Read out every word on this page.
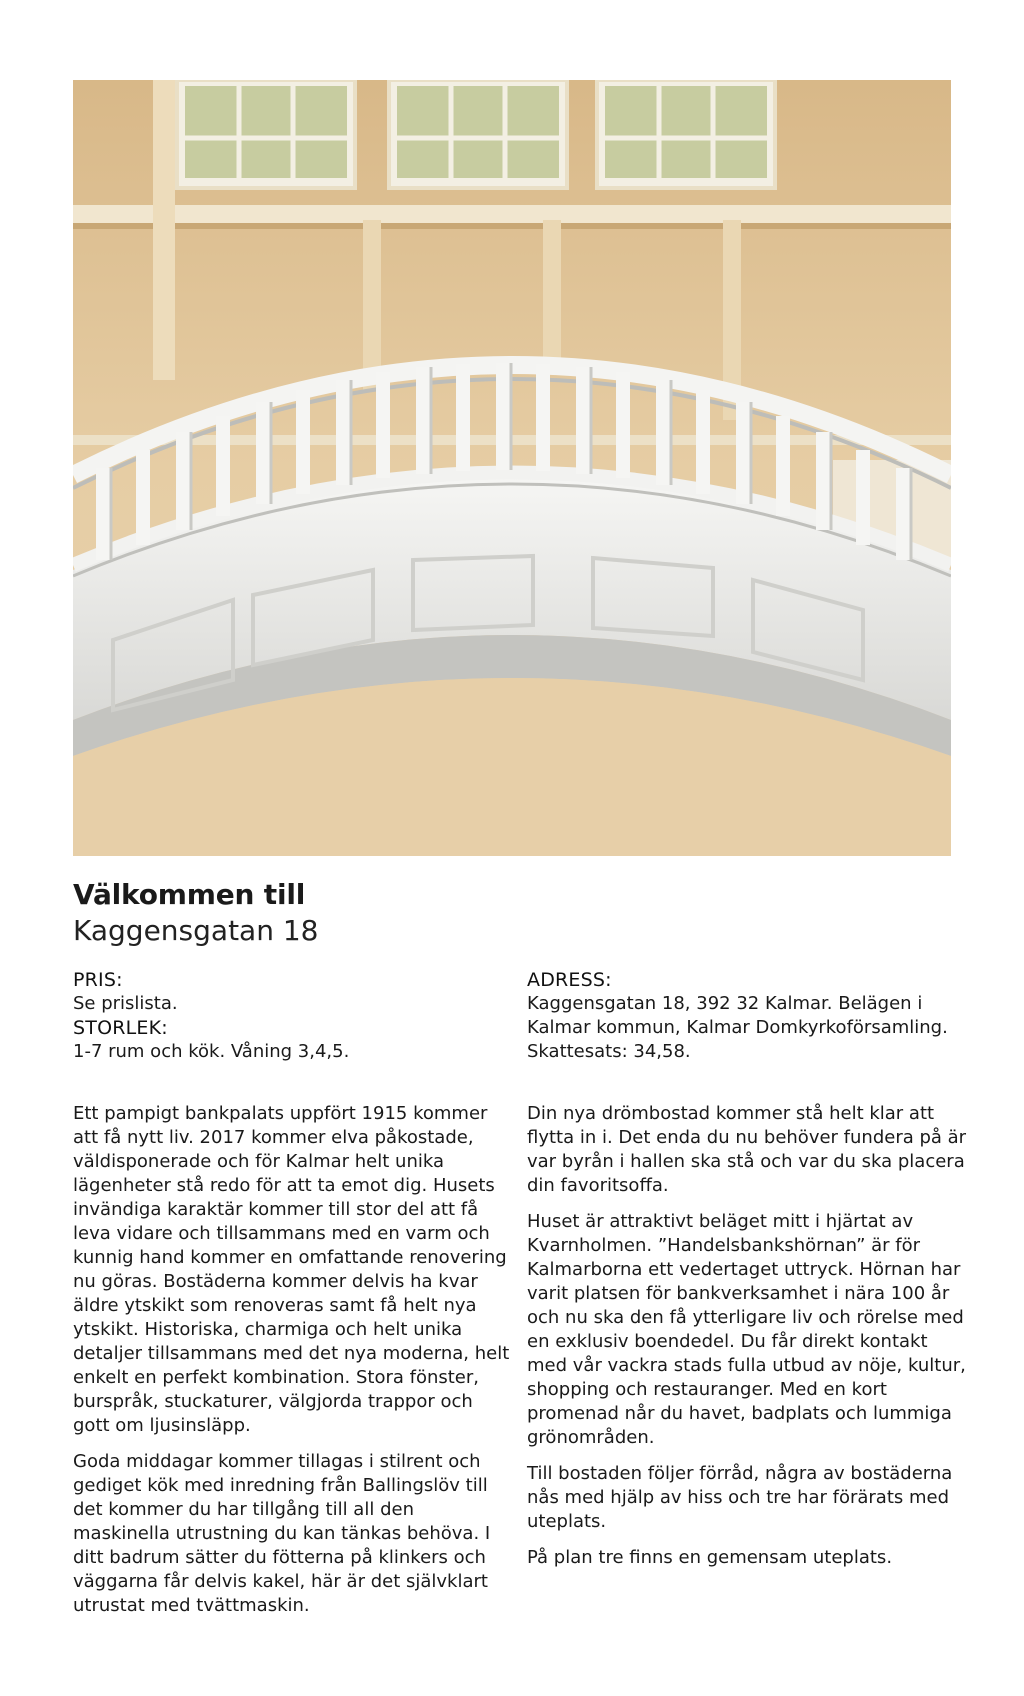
Välkommen till
Kaggensgatan 18

PRIS:

Se prislista.

STORLEK:

1-7 rum och kök. Våning 3,4,5.

ADRESS:

Kaggensgatan 18, 392 32 Kalmar. Belägen i Kalmar kommun, Kalmar Domkyrkoförsamling.

Skattesats: 34,58.

Ett pampigt bankpalats uppfört 1915 kommer att få nytt liv. 2017 kommer elva påkostade, väldisponerade och för Kalmar helt unika lägenheter stå redo för att ta emot dig. Husets invändiga karaktär kommer till stor del att få leva vidare och tillsammans med en varm och kunnig hand kommer en omfattande renovering nu göras. Bostäderna kommer delvis ha kvar äldre ytskikt som renoveras samt få helt nya ytskikt. Historiska, charmiga och helt unika detaljer tillsammans med det nya moderna, helt enkelt en perfekt kombination. Stora fönster, burspråk, stuckaturer, välgjorda trappor och gott om ljusinsläpp.

Goda middagar kommer tillagas i stilrent och gediget kök med inredning från Ballingslöv till det kommer du har tillgång till all den maskinella utrustning du kan tänkas behöva. I ditt badrum sätter du fötterna på klinkers och väggarna får delvis kakel, här är det självklart utrustat med tvättmaskin.

Din nya drömbostad kommer stå helt klar att flytta in i. Det enda du nu behöver fundera på är var byrån i hallen ska stå och var du ska placera din favoritsoffa.

Huset är attraktivt beläget mitt i hjärtat av Kvarnholmen. ”Handelsbankshörnan” är för Kalmarborna ett vedertaget uttryck. Hörnan har varit platsen för bankverksamhet i nära 100 år och nu ska den få ytterligare liv och rörelse med en exklusiv boendedel. Du får direkt kontakt med vår vackra stads fulla utbud av nöje, kultur, shopping och restauranger. Med en kort promenad når du havet, badplats och lummiga grönområden.

Till bostaden följer förråd, några av bostäderna nås med hjälp av hiss och tre har förärats med uteplats.

På plan tre finns en gemensam uteplats.
